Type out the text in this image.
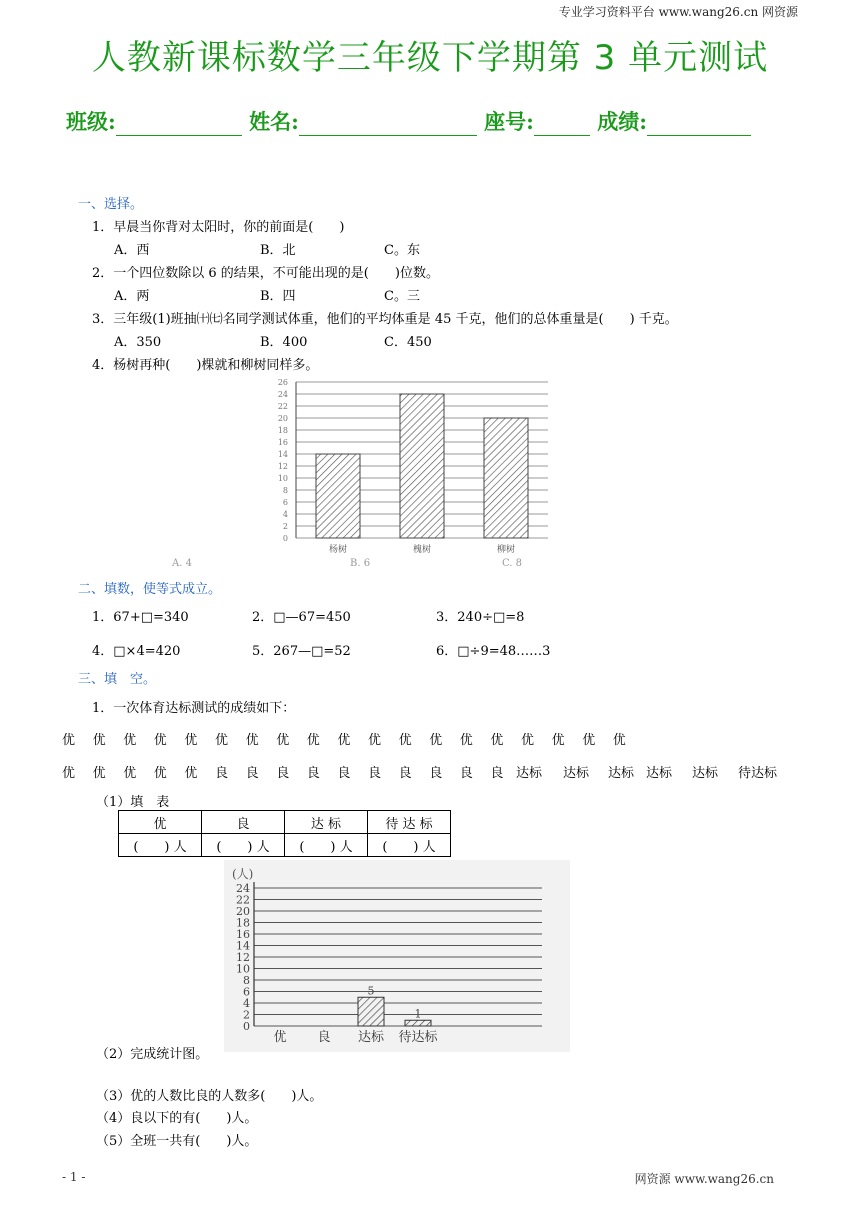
专业学习资料平台 www.wang26.cn 网资源
人教新课标数学三年级下学期第 3 单元测试
班级:	姓名:	座号:	成绩:
一、选择。
1．早晨当你背对太阳时，你的前面是(　　)
A．西	B．北	C。东
2．一个四位数除以 6 的结果，不可能出现的是(　　)位数。
A．两	B．四	C。三
3．三年级(1)班抽㈩㈦名同学测试体重，他们的平均体重是 45 千克，他们的总体重量是(　　) 千克。
A．350	B．400	C．450
4．杨树再种(　　)棵就和柳树同样多。
0
2
4
6
8
10
12
14
16
18
20
22
24
26
杨树	槐树	柳树
A. 4	B. 6	C. 8
二、填数，使等式成立。
1．67+□=340	2．□—67=450	3．240÷□=8
4．□×4=420	5．267—□=52	6．□÷9=48……3
三、填　空。
1．一次体育达标测试的成绩如下：
优 优 优 优 优 优 优 优 优 优 优 优 优 优 优 优 优 优 优
优 优 优 优 优 良 良 良 良 良 良 良 良 良 良 达标 达标 达标 达标 达标 待达标
（1）填　表
优	良	达 标	待 达 标
(　　) 人	(　　) 人	(　　) 人	(　　) 人
(人)
0
2
4
6
8
10
12
14
16
18
20
22
24
5
1
优 良 达标 待达标
（2）完成统计图。
（3）优的人数比良的人数多(　　)人。
（4）良以下的有(　　)人。
（5）全班一共有(　　)人。
- 1 -	网资源 www.wang26.cn
